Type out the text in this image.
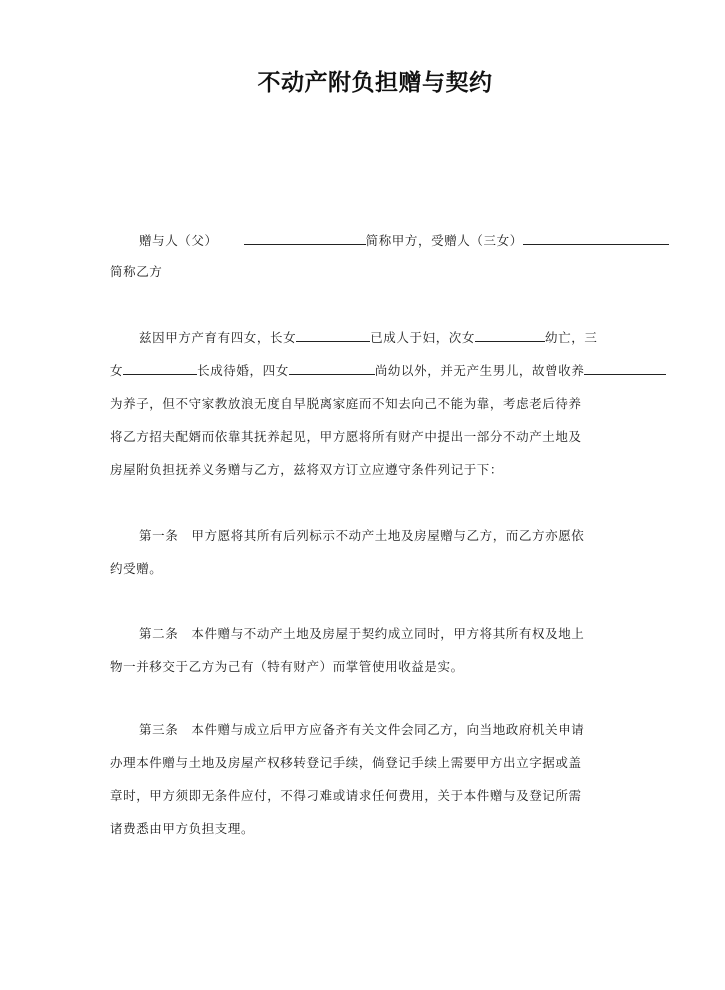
不动产附负担赠与契约
赠与人（父）	简称甲方，受赠人（三女）
简称乙方
兹因甲方产育有四女，长女	已成人于妇，次女	幼亡，三
女	长成待婚，四女	尚幼以外，并无产生男儿，故曾收养
为养子，但不守家教放浪无度自早脱离家庭而不知去向己不能为靠，考虑老后待养
将乙方招夫配婿而依靠其抚养起见，甲方愿将所有财产中提出一部分不动产土地及
房屋附负担抚养义务赠与乙方，兹将双方订立应遵守条件列记于下：
第一条　甲方愿将其所有后列标示不动产土地及房屋赠与乙方，而乙方亦愿依
约受赠。
第二条　本件赠与不动产土地及房屋于契约成立同时，甲方将其所有权及地上
物一并移交于乙方为己有（特有财产）而掌管使用收益是实。
第三条　本件赠与成立后甲方应备齐有关文件会同乙方，向当地政府机关申请
办理本件赠与土地及房屋产权移转登记手续，倘登记手续上需要甲方出立字据或盖
章时，甲方须即无条件应付，不得刁难或请求任何费用，关于本件赠与及登记所需
诸费悉由甲方负担支理。
